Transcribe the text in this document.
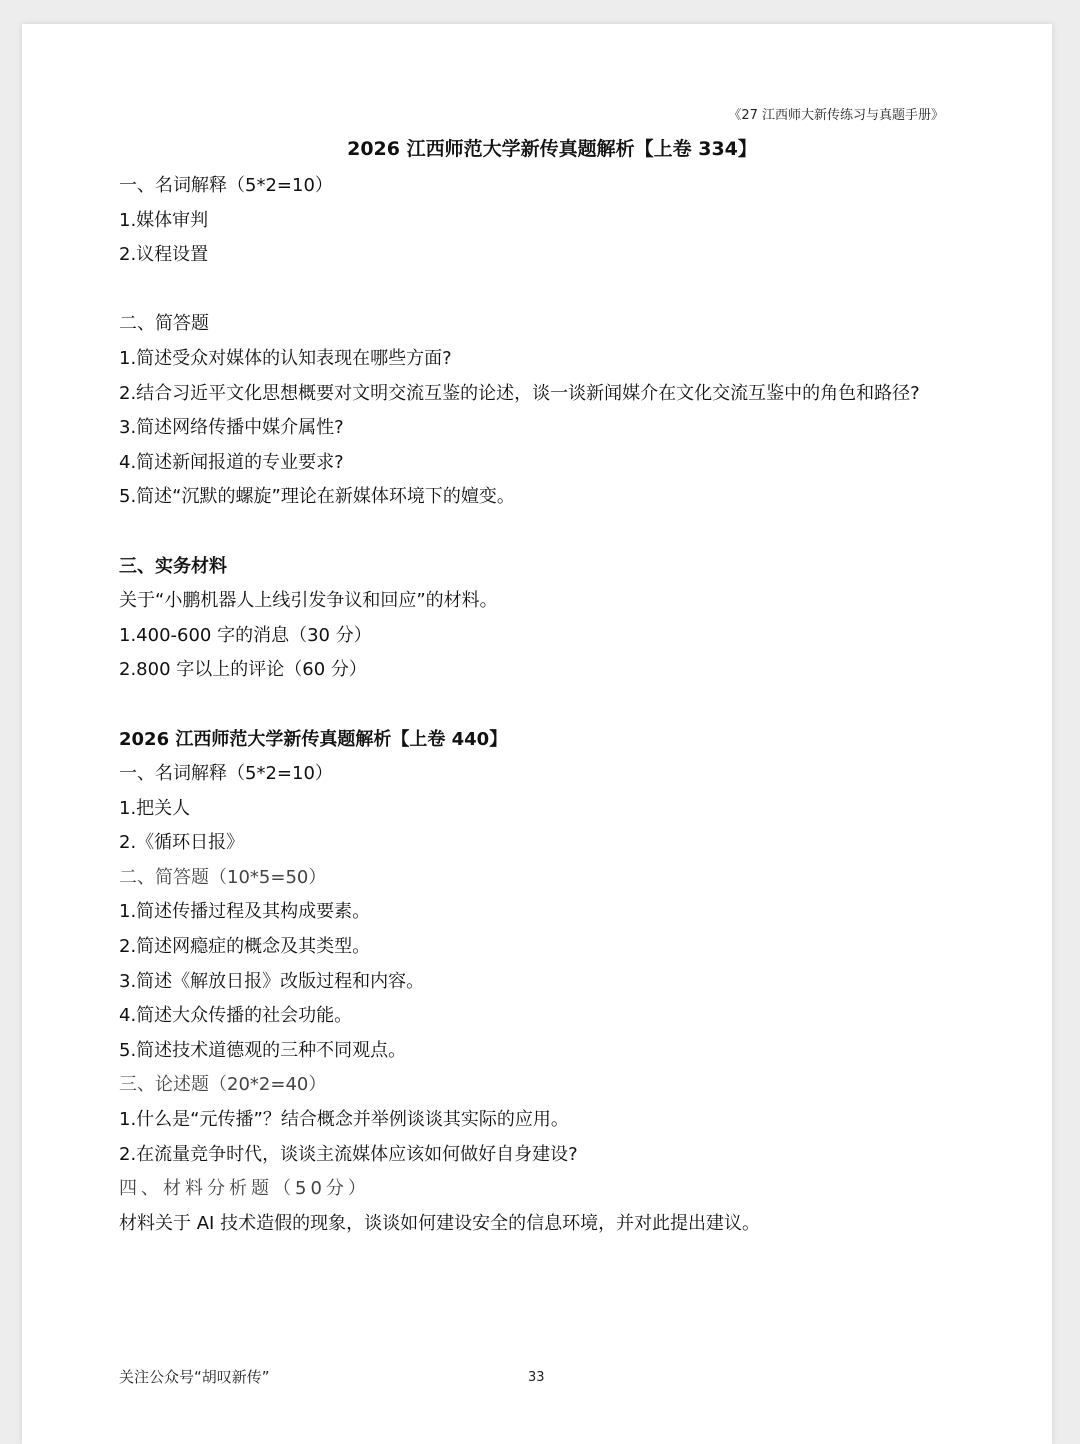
《27 江西师大新传练习与真题手册》
2026 江西师范大学新传真题解析【上卷 334】
一、名词解释（5*2=10）
1.媒体审判
2.议程设置
二、简答题
1.简述受众对媒体的认知表现在哪些方面?
2.结合习近平文化思想概要对文明交流互鉴的论述，谈一谈新闻媒介在文化交流互鉴中的角色和路径?
3.简述网络传播中媒介属性?
4.简述新闻报道的专业要求?
5.简述“沉默的螺旋”理论在新媒体环境下的嬗变。
三、实务材料
关于“小鹏机器人上线引发争议和回应”的材料。
1.400-600 字的消息（30 分）
2.800 字以上的评论（60 分）
2026 江西师范大学新传真题解析【上卷 440】
一、名词解释（5*2=10）
1.把关人
2.《循环日报》
二、简答题（10*5=50）
1.简述传播过程及其构成要素。
2.简述网瘾症的概念及其类型。
3.简述《解放日报》改版过程和内容。
4.简述大众传播的社会功能。
5.简述技术道德观的三种不同观点。
三、论述题（20*2=40）
1.什么是“元传播”？结合概念并举例谈谈其实际的应用。
2.在流量竞争时代，谈谈主流媒体应该如何做好自身建设?
四、材料分析题（50分）
材料关于 AI 技术造假的现象，谈谈如何建设安全的信息环境，并对此提出建议。
关注公众号“胡叹新传”	33
